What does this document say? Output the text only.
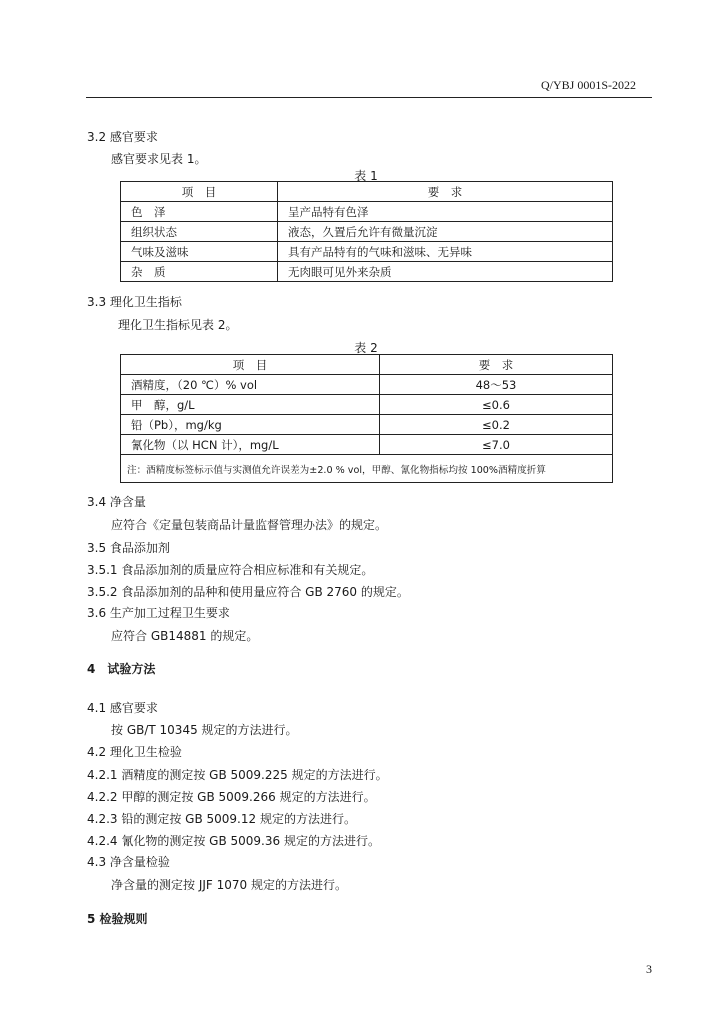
Q/YBJ 0001S-2022
3.2 感官要求
感官要求见表 1。
表 1
项　目	要　求
色　泽	呈产品特有色泽
组织状态	液态，久置后允许有微量沉淀
气味及滋味	具有产品特有的气味和滋味、无异味
杂　质	无肉眼可见外来杂质
3.3 理化卫生指标
理化卫生指标见表 2。
表 2
项　目	要　求
酒精度，（20 ℃）% vol	48～53
甲　醇，g/L	≤0.6
铅（Pb），mg/kg	≤0.2
氰化物（以 HCN 计），mg/L	≤7.0
注：酒精度标签标示值与实测值允许误差为±2.0 % vol，甲醇、氰化物指标均按 100%酒精度折算	
3.4 净含量
应符合《定量包装商品计量监督管理办法》的规定。
3.5 食品添加剂
3.5.1 食品添加剂的质量应符合相应标准和有关规定。
3.5.2 食品添加剂的品种和使用量应符合 GB 2760 的规定。
3.6 生产加工过程卫生要求
应符合 GB14881 的规定。
4　试验方法
4.1 感官要求
按 GB/T 10345 规定的方法进行。
4.2 理化卫生检验
4.2.1 酒精度的测定按 GB 5009.225 规定的方法进行。
4.2.2 甲醇的测定按 GB 5009.266 规定的方法进行。
4.2.3 铅的测定按 GB 5009.12 规定的方法进行。
4.2.4 氰化物的测定按 GB 5009.36 规定的方法进行。
4.3 净含量检验
净含量的测定按 JJF 1070 规定的方法进行。
5 检验规则
3
